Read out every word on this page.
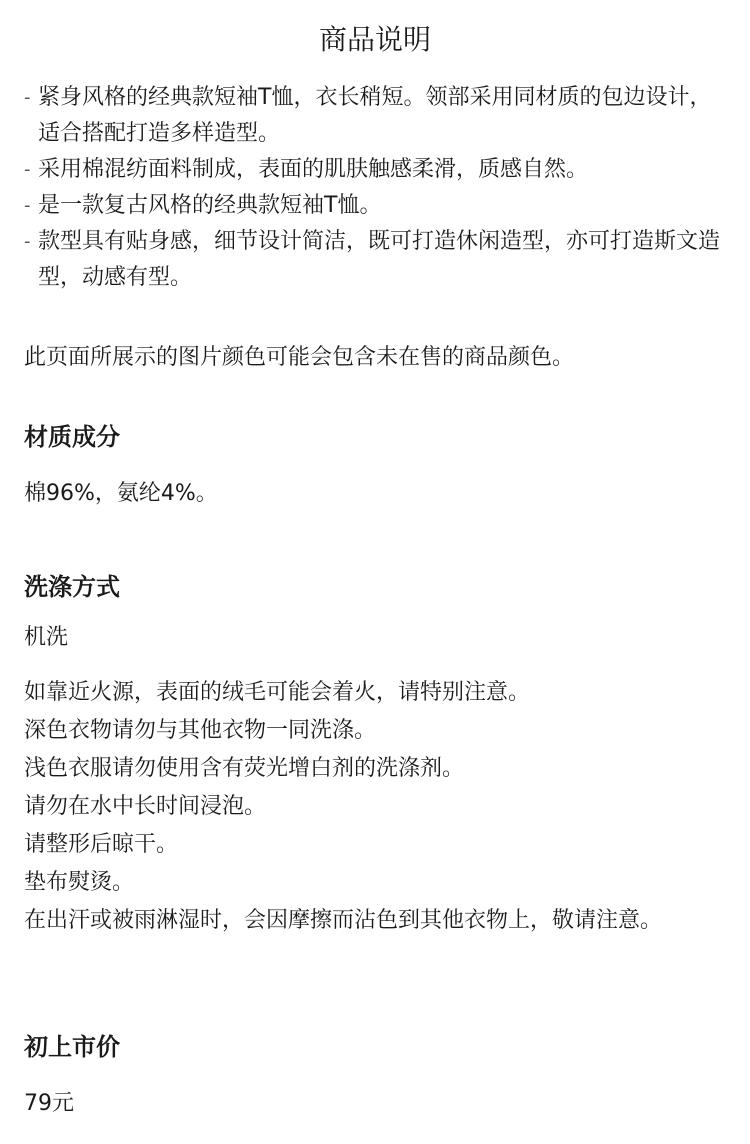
商品说明
- 紧身风格的经典款短袖T恤，衣长稍短。领部采用同材质的包边设计，适合搭配打造多样造型。
- 采用棉混纺面料制成，表面的肌肤触感柔滑，质感自然。
- 是一款复古风格的经典款短袖T恤。
- 款型具有贴身感，细节设计简洁，既可打造休闲造型，亦可打造斯文造型，动感有型。

此页面所展示的图片颜色可能会包含未在售的商品颜色。

材质成分

棉96%，氨纶4%。

洗涤方式

机洗

如靠近火源，表面的绒毛可能会着火，请特别注意。
深色衣物请勿与其他衣物一同洗涤。
浅色衣服请勿使用含有荧光增白剂的洗涤剂。
请勿在水中长时间浸泡。
请整形后晾干。
垫布熨烫。
在出汗或被雨淋湿时，会因摩擦而沾色到其他衣物上，敬请注意。
初上市价

79元
